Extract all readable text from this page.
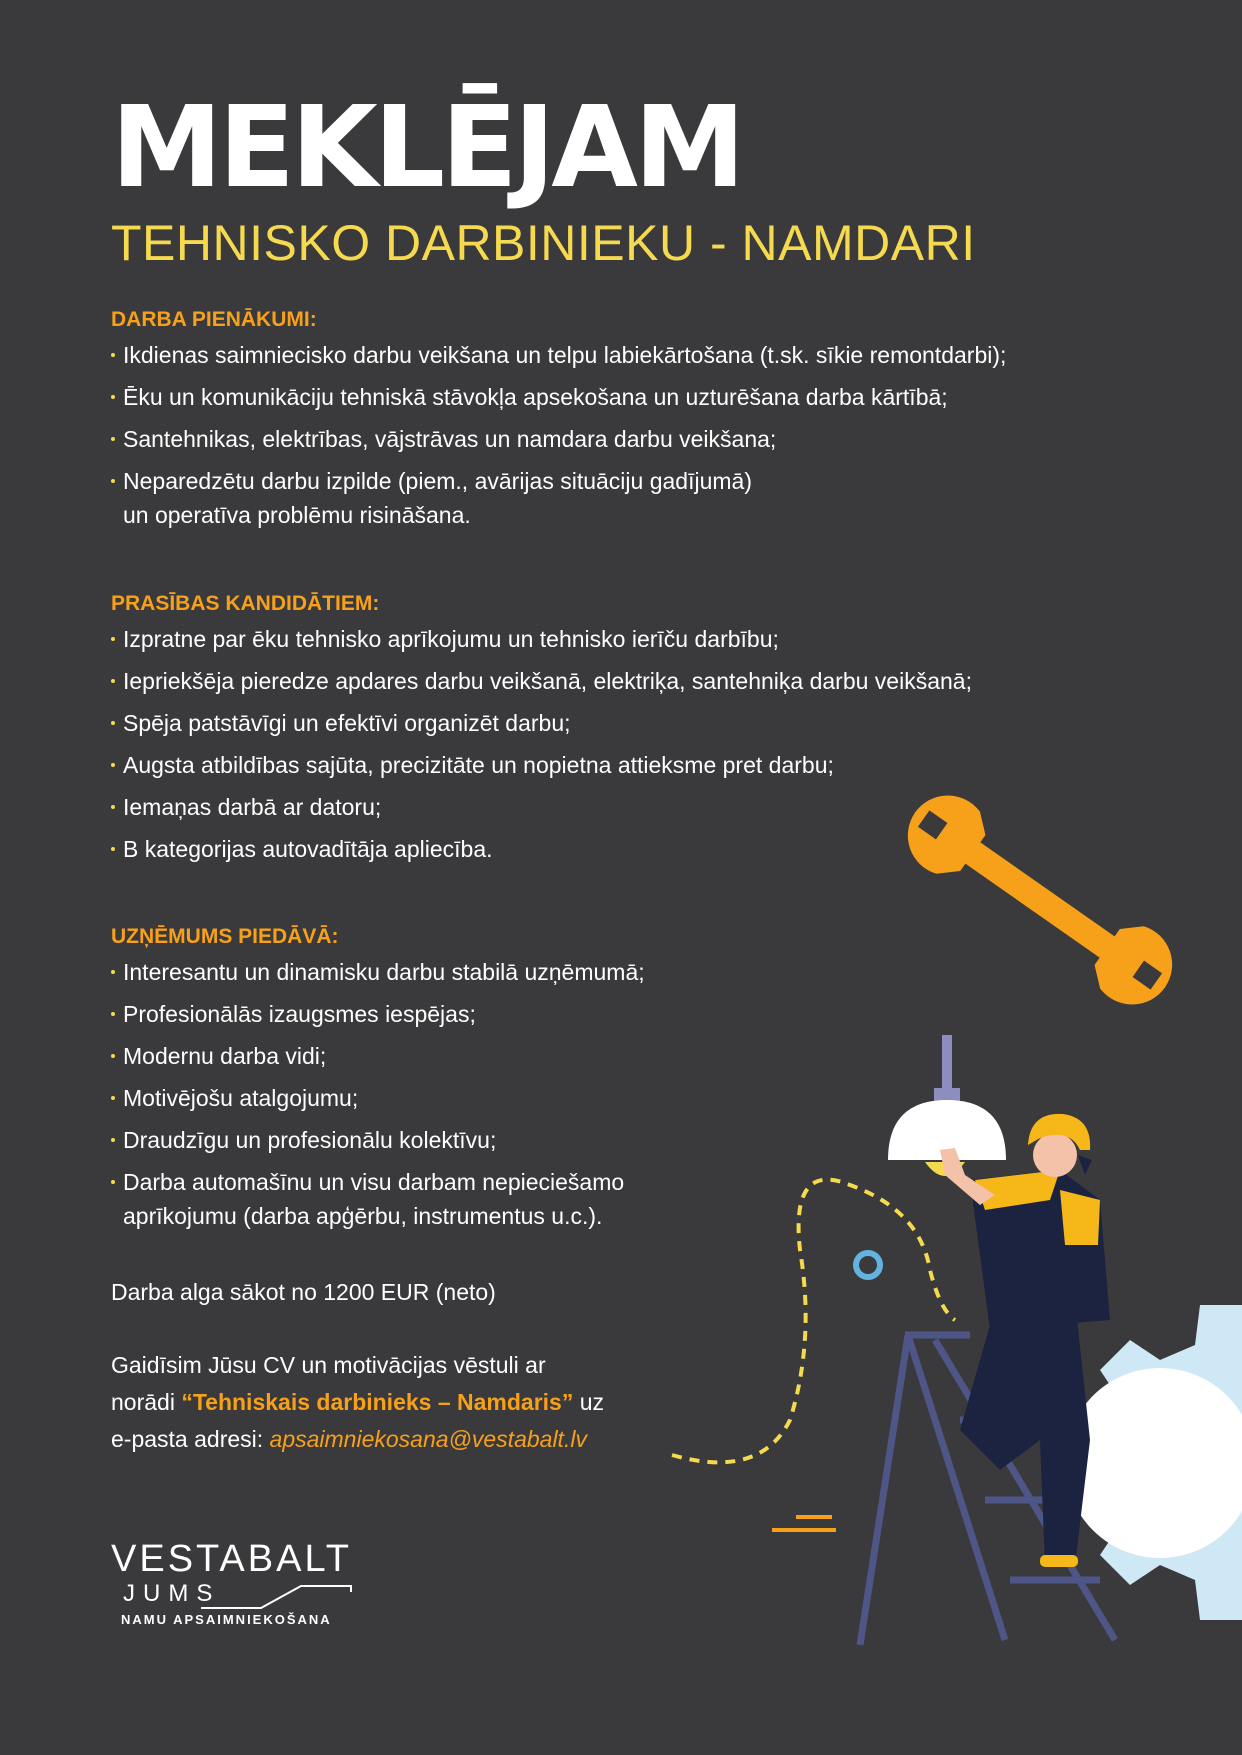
MEKLĒJAM
TEHNISKO DARBINIEKU - NAMDARI
DARBA PIENĀKUMI:
Ikdienas saimniecisko darbu veikšana un telpu labiekārtošana (t.sk. sīkie remontdarbi);
Ēku un komunikāciju tehniskā stāvokļa apsekošana un uzturēšana darba kārtībā;
Santehnikas, elektrības, vājstrāvas un namdara darbu veikšana;
Neparedzētu darbu izpilde (piem., avārijas situāciju gadījumā)
un operatīva problēmu risināšana.
PRASĪBAS KANDIDĀTIEM:
Izpratne par ēku tehnisko aprīkojumu un tehnisko ierīču darbību;
Iepriekšēja pieredze apdares darbu veikšanā, elektriķa, santehniķa darbu veikšanā;
Spēja patstāvīgi un efektīvi organizēt darbu;
Augsta atbildības sajūta, precizitāte un nopietna attieksme pret darbu;
Iemaņas darbā ar datoru;
B kategorijas autovadītāja apliecība.
UZŅĒMUMS PIEDĀVĀ:
Interesantu un dinamisku darbu stabilā uzņēmumā;
Profesionālās izaugsmes iespējas;
Modernu darba vidi;
Motivējošu atalgojumu;
Draudzīgu un profesionālu kolektīvu;
Darba automašīnu un visu darbam nepieciešamo
aprīkojumu (darba apģērbu, instrumentus u.c.).
Darba alga sākot no 1200 EUR (neto)
Gaidīsim Jūsu CV un motivācijas vēstuli ar
norādi “Tehniskais darbinieks – Namdaris” uz
e-pasta adresi: apsaimniekosana@vestabalt.lv
VESTABALT
JUMS
NAMU APSAIMNIEKOŠANA
